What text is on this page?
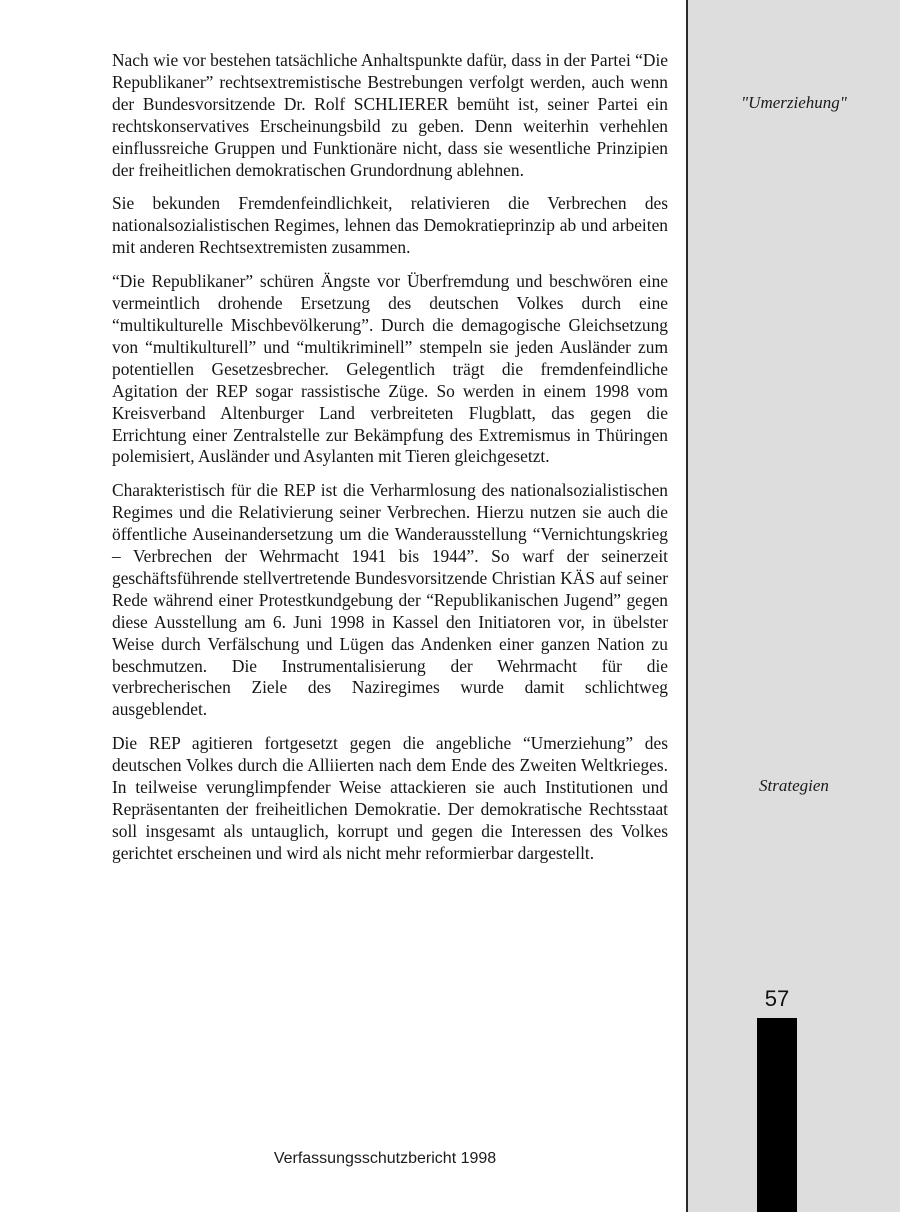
Nach wie vor bestehen tatsächliche Anhaltspunkte dafür, dass in der Partei “Die Republikaner” rechtsextremistische Bestrebungen verfolgt werden, auch wenn der Bundesvorsitzende Dr. Rolf SCHLIERER bemüht ist, seiner Partei ein rechtskonservatives Erscheinungsbild zu geben. Denn weiterhin verhehlen einflussreiche Gruppen und Funktionäre nicht, dass sie wesentliche Prinzipien der freiheitlichen demokratischen Grundordnung ablehnen.

Sie bekunden Fremdenfeindlichkeit, relativieren die Verbrechen des nationalsozialistischen Regimes, lehnen das Demokratieprinzip ab und arbeiten mit anderen Rechtsextremisten zusammen.

“Die Republikaner” schüren Ängste vor Überfremdung und beschwören eine vermeintlich drohende Ersetzung des deutschen Volkes durch eine “multikulturelle Mischbevölkerung”. Durch die demagogische Gleichsetzung von “multikulturell” und “multikriminell” stempeln sie jeden Ausländer zum potentiellen Gesetzesbrecher. Gelegentlich trägt die fremdenfeindliche Agitation der REP sogar rassistische Züge. So werden in einem 1998 vom Kreisverband Altenburger Land verbreiteten Flugblatt, das gegen die Errichtung einer Zentralstelle zur Bekämpfung des Extremismus in Thüringen polemisiert, Ausländer und Asylanten mit Tieren gleichgesetzt.

Charakteristisch für die REP ist die Verharmlosung des nationalsozialistischen Regimes und die Relativierung seiner Verbrechen. Hierzu nutzen sie auch die öffentliche Auseinandersetzung um die Wanderausstellung “Vernichtungskrieg – Verbrechen der Wehrmacht 1941 bis 1944”. So warf der seinerzeit geschäftsführende stellvertretende Bundesvorsitzende Christian KÄS auf seiner Rede während einer Protestkundgebung der “Republikanischen Jugend” gegen diese Ausstellung am 6. Juni 1998 in Kassel den Initiatoren vor, in übelster Weise durch Verfälschung und Lügen das Andenken einer ganzen Nation zu beschmutzen. Die Instrumentalisierung der Wehrmacht für die verbrecherischen Ziele des Naziregimes wurde damit schlichtweg ausgeblendet.

Die REP agitieren fortgesetzt gegen die angebliche “Umerziehung” des deutschen Volkes durch die Alliierten nach dem Ende des Zweiten Weltkrieges. In teilweise verunglimpfender Weise attackieren sie auch Institutionen und Repräsentanten der freiheitlichen Demokratie. Der demokratische Rechtsstaat soll insgesamt als untauglich, korrupt und gegen die Interessen des Volkes gerichtet erscheinen und wird als nicht mehr reformierbar dargestellt.

"Umerziehung"
Strategien
57
Verfassungsschutzbericht 1998
